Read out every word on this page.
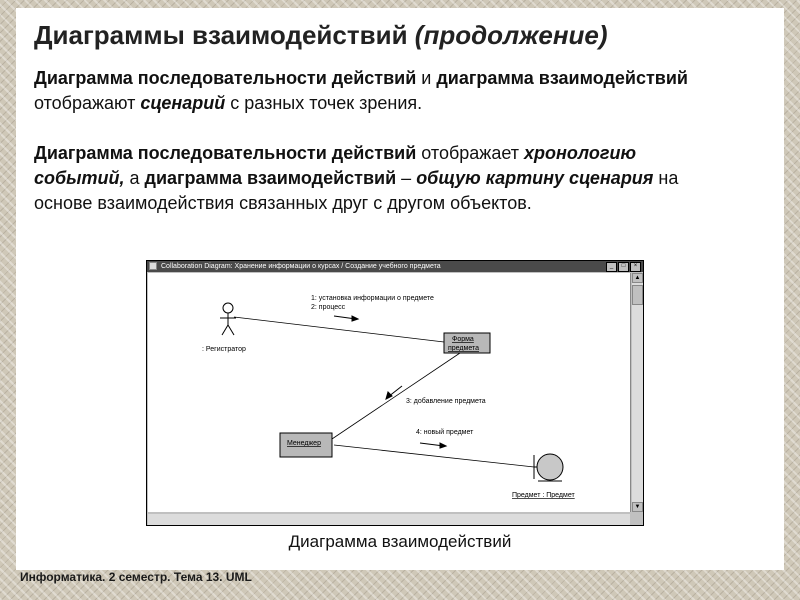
Диаграммы взаимодействий (продолжение)
Диаграмма последовательности действий и диаграмма взаимодействий отображают сценарий с разных точек зрения.
Диаграмма последовательности действий отображает хронологию событий, а диаграмма взаимодействий – общую картину сценария на основе взаимодействия связанных друг с другом объектов.
Collaboration Diagram: Хранение информации о курсах / Создание учебного предмета	_ □ ×
: Регистратор
Форма
предмета
Менеджер
Предмет : Предмет
1: установка информации о предмете
2: процесс
3: добавление предмета
4: новый предмет
▲
▼
Диаграмма взаимодействий
Информатика. 2 семестр. Тема 13. UML
